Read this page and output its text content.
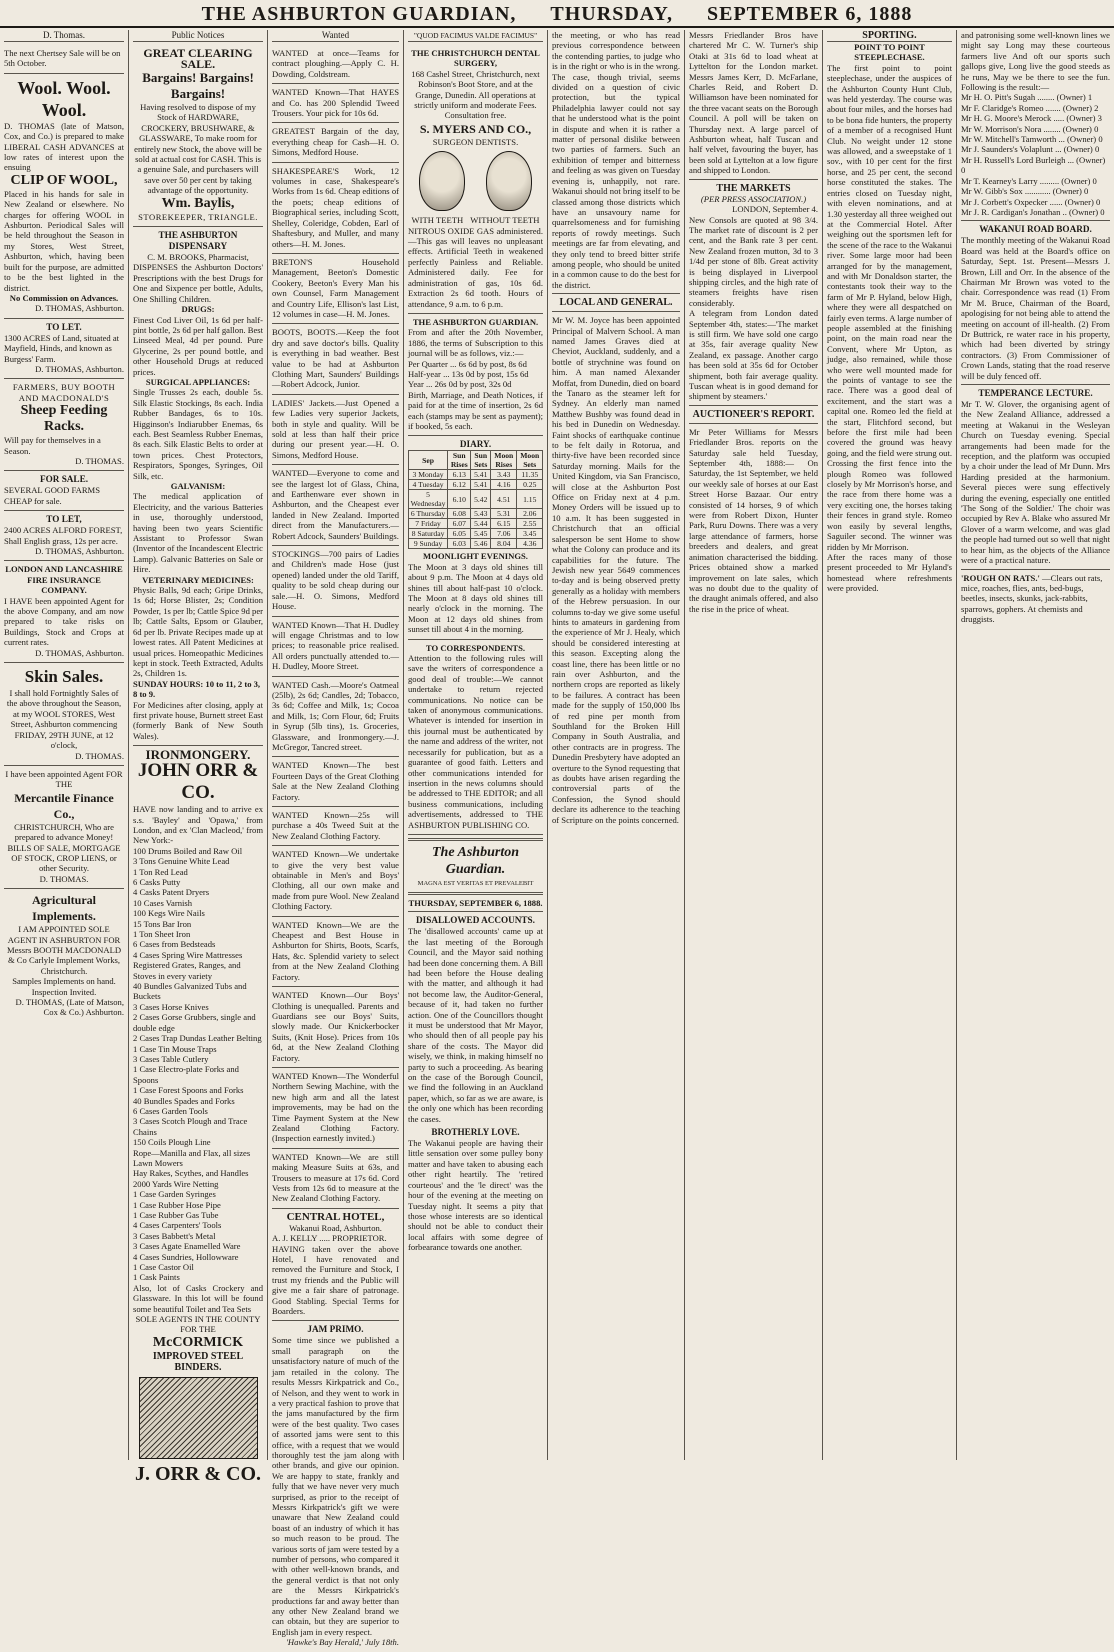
THE ASHBURTON GUARDIAN, THURSDAY, SEPTEMBER 6, 1888
D. Thomas.
The next Chertsey Sale will be on 5th October.
Wool. Wool. Wool.
D. THOMAS (late of Matson, Cox, and Co.) is prepared to make LIBERAL CASH ADVANCES at low rates of interest upon the ensuing
CLIP OF WOOL,
Placed in his hands for sale in New Zealand or elsewhere. No charges for offering WOOL in Ashburton. Periodical Sales will be held throughout the Season in my Stores, West Street, Ashburton, which, having been built for the purpose, are admitted to be the best lighted in the district.
No Commission on Advances.
D. THOMAS, Ashburton.
TO LET.
1300 ACRES of Land, situated at Mayfield, Hinds, and known as Burgess' Farm.
D. THOMAS, Ashburton.
FARMERS, BUY BOOTH AND MACDONALD'S
Sheep Feeding Racks.
Will pay for themselves in a Season.
D. THOMAS.
FOR SALE.
SEVERAL GOOD FARMS CHEAP for sale.
TO LET,
2400 ACRES ALFORD FOREST, Shall English grass, 12s per acre.
D. THOMAS, Ashburton.
LONDON AND LANCASHIRE FIRE INSURANCE COMPANY.
I HAVE been appointed Agent for the above Company, and am now prepared to take risks on Buildings, Stock and Crops at current rates.
D. THOMAS, Ashburton.
Skin Sales.
I shall hold Fortnightly Sales of the above throughout the Season, at my WOOL STORES, West Street, Ashburton commencing FRIDAY, 29TH JUNE, at 12 o'clock,
D. THOMAS.
I have been appointed Agent FOR THE
Mercantile Finance Co.,
CHRISTCHURCH, Who are prepared to advance Money! BILLS OF SALE, MORTGAGE OF STOCK, CROP LIENS, or other Security.
D. THOMAS.
Agricultural Implements.
I AM APPOINTED SOLE AGENT IN ASHBURTON FOR Messrs BOOTH MACDONALD & Co Carlyle Implement Works, Christchurch.
Samples Implements on hand. Inspection Invited.
D. THOMAS, (Late of Matson, Cox & Co.) Ashburton.
Public Notices
GREAT CLEARING SALE.
Bargains! Bargains! Bargains!
Having resolved to dispose of my Stock of HARDWARE, CROCKERY, BRUSHWARE, & GLASSWARE, To make room for entirely new Stock, the above will be sold at actual cost for CASH. This is a genuine Sale, and purchasers will save over 50 per cent by taking advantage of the opportunity.
Wm. Baylis,
STOREKEEPER, TRIANGLE.
THE ASHBURTON DISPENSARY
C. M. BROOKS, Pharmacist,
DISPENSES the Ashburton Doctors' Prescriptions with the best Drugs for One and Sixpence per bottle, Adults, One Shilling Children.
DRUGS:
Finest Cod Liver Oil, 1s 6d per half-pint bottle, 2s 6d per half gallon. Best Linseed Meal, 4d per pound. Pure Glycerine, 2s per pound bottle, and other Household Drugs at reduced prices.
SURGICAL APPLIANCES:
Single Trusses 2s each, double 5s. Silk Elastic Stockings, 8s each. India Rubber Bandages, 6s to 10s. Higginson's Indiarubber Enemas, 6s each. Best Seamless Rubber Enemas, 8s each. Silk Elastic Belts to order at town prices. Chest Protectors, Respirators, Sponges, Syringes, Oil Silk, etc.
GALVANISM:
The medical application of Electricity, and the various Batteries in use, thoroughly understood, having been two years Scientific Assistant to Professor Swan (Inventor of the Incandescent Electric Lamp). Galvanic Batteries on Sale or Hire.
VETERINARY MEDICINES:
Physic Balls, 9d each; Gripe Drinks, 1s 6d; Horse Blister, 2s; Condition Powder, 1s per lb; Cattle Spice 9d per lb; Cattle Salts, Epsom or Glauber, 6d per lb. Private Recipes made up at lowest rates. All Patent Medicines at usual prices. Homeopathic Medicines kept in stock. Teeth Extracted, Adults 2s, Children 1s.
SUNDAY HOURS: 10 to 11, 2 to 3, 8 to 9.
For Medicines after closing, apply at first private house, Burnett street East (formerly Bank of New South Wales).
IRONMONGERY.
JOHN ORR & CO.
HAVE now landing and to arrive ex s.s. 'Bayley' and 'Opawa,' from London, and ex 'Clan Macleod,' from New York:-
100 Drums Boiled and Raw Oil
3 Tons Genuine White Lead
1 Ton Red Lead
6 Casks Putty
4 Casks Patent Dryers
10 Cases Varnish
100 Kegs Wire Nails
15 Tons Bar Iron
1 Ton Sheet Iron
6 Cases from Bedsteads
4 Cases Spring Wire Mattresses
Registered Grates, Ranges, and Stoves in every variety
40 Bundles Galvanized Tubs and Buckets
3 Cases Horse Knives
2 Cases Gorse Grubbers, single and double edge
2 Cases Trap Dundas Leather Belting
1 Case Tin Mouse Traps
3 Cases Table Cutlery
1 Case Electro-plate Forks and Spoons
1 Case Forest Spoons and Forks
40 Bundles Spades and Forks
6 Cases Garden Tools
3 Cases Scotch Plough and Trace Chains
150 Coils Plough Line
Rope—Manilla and Flax, all sizes
Lawn Mowers
Hay Rakes, Scythes, and Handles
2000 Yards Wire Netting
1 Case Garden Syringes
1 Case Rubber Hose Pipe
1 Case Rubber Gas Tube
4 Cases Carpenters' Tools
3 Cases Babbett's Metal
3 Cases Agate Enamelled Ware
4 Cases Sundries, Hollowware
1 Case Castor Oil
1 Cask Paints
Also, lot of Casks Crockery and Glassware. In this lot will be found some beautiful Toilet and Tea Sets
SOLE AGENTS IN THE COUNTY FOR THE
McCORMICK
IMPROVED STEEL BINDERS.
J. ORR & CO.
Wanted
WANTED at once—Teams for contract ploughing.—Apply C. H. Dowding, Coldstream.
WANTED Known—That HAYES and Co. has 200 Splendid Tweed Trousers. Your pick for 10s 6d.
GREATEST Bargain of the day, everything cheap for Cash—H. O. Simons, Medford House.
SHAKESPEARE'S Work, 12 volumes in case, Shakespeare's Works from 1s 6d. Cheap editions of the poets; cheap editions of Biographical series, including Scott, Shelley, Coleridge, Cobden, Earl of Shaftesbury, and Muller, and many others—H. M. Jones.
BRETON'S Household Management, Beeton's Domestic Cookery, Beeton's Every Man his own Counsel, Farm Management and Country Life, Ellison's last List, 12 volumes in case—H. M. Jones.
BOOTS, BOOTS.—Keep the foot dry and save doctor's bills. Quality is everything in bad weather. Best value to be had at Ashburton Clothing Mart, Saunders' Buildings—Robert Adcock, Junior.
LADIES' Jackets.—Just Opened a few Ladies very superior Jackets, both in style and quality. Will be sold at less than half their price during our present year.—H. O. Simons, Medford House.
WANTED—Everyone to come and see the largest lot of Glass, China, and Earthenware ever shown in Ashburton, and the Cheapest ever landed in New Zealand. Imported direct from the Manufacturers.—Robert Adcock, Saunders' Buildings.
STOCKINGS—700 pairs of Ladies and Children's made Hose (just opened) landed under the old Tariff, quality to be sold cheap during our sale.—H. O. Simons, Medford House.
WANTED Known—That H. Dudley will engage Christmas and to low prices; to reasonable price realised. All orders punctually attended to.—H. Dudley, Moore Street.
WANTED Cash.—Moore's Oatmeal (25lb), 2s 6d; Candles, 2d; Tobacco, 3s 6d; Coffee and Milk, 1s; Cocoa and Milk, 1s; Corn Flour, 6d; Fruits in Syrup (5lb tins), 1s. Groceries, Glassware, and Ironmongery.—J. McGregor, Tancred street.
WANTED Known—The best Fourteen Days of the Great Clothing Sale at the New Zealand Clothing Factory.
WANTED Known—25s will purchase a 40s Tweed Suit at the New Zealand Clothing Factory.
WANTED Known—We undertake to give the very best value obtainable in Men's and Boys' Clothing, all our own make and made from pure Wool. New Zealand Clothing Factory.
WANTED Known—We are the Cheapest and Best House in Ashburton for Shirts, Boots, Scarfs, Hats, &c. Splendid variety to select from at the New Zealand Clothing Factory.
WANTED Known—Our Boys' Clothing is unequalled. Parents and Guardians see our Boys' Suits, slowly made. Our Knickerbocker Suits, (Knit Hose). Prices from 10s 6d, at the New Zealand Clothing Factory.
WANTED Known—The Wonderful Northern Sewing Machine, with the new high arm and all the latest improvements, may be had on the Time Payment System at the New Zealand Clothing Factory. (Inspection earnestly invited.)
WANTED Known—We are still making Measure Suits at 63s, and Trousers to measure at 17s 6d. Cord Vests from 12s 6d to measure at the New Zealand Clothing Factory.
CENTRAL HOTEL,
Wakanui Road, Ashburton.
A. J. KELLY ..... PROPRIETOR.
HAVING taken over the above Hotel, I have renovated and removed the Furniture and Stock, I trust my friends and the Public will give me a fair share of patronage. Good Stabling. Special Terms for Boarders.
JAM PRIMO.
Some time since we published a small paragraph on the unsatisfactory nature of much of the jam retailed in the colony. The results Messrs Kirkpatrick and Co., of Nelson, and they went to work in a very practical fashion to prove that the jams manufactured by the firm were of the best quality. Two cases of assorted jams were sent to this office, with a request that we would thoroughly test the jam along with other brands, and give our opinion. We are happy to state, frankly and fully that we have never very much surprised, as prior to the receipt of Messrs Kirkpatrick's gift we were unaware that New Zealand could boast of an industry of which it has so much reason to be proud. The various sorts of jam were tested by a number of persons, who compared it with other well-known brands, and the general verdict is that not only are the Messrs Kirkpatrick's productions far and away better than any other New Zealand brand we can obtain, but they are superior to English jam in every respect.
'Hawke's Bay Herald,' July 18th.
"QUOD FACIMUS VALDE FACIMUS"
THE CHRISTCHURCH DENTAL SURGERY,
168 Cashel Street, Christchurch, next Robinson's Boot Store, and at the Grange, Dunedin. All operations at strictly uniform and moderate Fees. Consultation free.
S. MYERS AND CO.,
SURGEON DENTISTS.
WITH TEETH WITHOUT TEETH
NITROUS OXIDE GAS administered.—This gas will leaves no unpleasant effects. Artificial Teeth in weakened perfectly Painless and Reliable. Administered daily. Fee for administration of gas, 10s 6d. Extraction 2s 6d tooth. Hours of attendance, 9 a.m. to 6 p.m.
THE ASHBURTON GUARDIAN.
From and after the 20th November, 1886, the terms of Subscription to this journal will be as follows, viz.:—
Per Quarter ... 6s 6d by post, 8s 6d
Half-year ... 13s 0d by post, 15s 6d
Year ... 26s 0d by post, 32s 0d
Birth, Marriage, and Death Notices, if paid for at the time of insertion, 2s 6d each (stamps may be sent as payment); if booked, 5s each.
DIARY.
Sep	Sun Rises	Sun Sets	Moon Rises	Moon Sets
3 Monday	6.13	5.41	3.43	11.35
4 Tuesday	6.12	5.41	4.16	0.25
5 Wednesday	6.10	5.42	4.51	1.15
6 Thursday	6.08	5.43	5.31	2.06
7 Friday	6.07	5.44	6.15	2.55
8 Saturday	6.05	5.45	7.06	3.45
9 Sunday	6.03	5.46	8.04	4.36
MOONLIGHT EVENINGS.
The Moon at 3 days old shines till about 9 p.m. The Moon at 4 days old shines till about half-past 10 o'clock. The Moon at 8 days old shines till nearly o'clock in the morning. The Moon at 12 days old shines from sunset till about 4 in the morning.
TO CORRESPONDENTS.
Attention to the following rules will save the writers of correspondence a good deal of trouble:—We cannot undertake to return rejected communications. No notice can be taken of anonymous communications. Whatever is intended for insertion in this journal must be authenticated by the name and address of the writer, not necessarily for publication, but as a guarantee of good faith. Letters and other communications intended for insertion in the news columns should be addressed to THE EDITOR; and all business communications, including advertisements, addressed to THE ASHBURTON PUBLISHING CO.
The Ashburton Guardian.
MAGNA EST VERITAS ET PREVALEBIT
THURSDAY, SEPTEMBER 6, 1888.
DISALLOWED ACCOUNTS.
The 'disallowed accounts' came up at the last meeting of the Borough Council, and the Mayor said nothing had been done concerning them. A Bill had been before the House dealing with the matter, and although it had not become law, the Auditor-General, because of it, had taken no further action. One of the Councillors thought it must be understood that Mr Mayor, who should then of all people pay his share of the costs. The Mayor did wisely, we think, in making himself no party to such a proceeding. As bearing on the case of the Borough Council, we find the following in an Auckland paper, which, so far as we are aware, is the only one which has been recording the cases.
BROTHERLY LOVE.
The Wakanui people are having their little sensation over some pulley bony matter and have taken to abusing each other right heartily. The 'retired courteous' and the 'le direct' was the hour of the evening at the meeting on Tuesday night. It seems a pity that those whose interests are so identical should not be able to conduct their local affairs with some degree of forbearance towards one another.
the meeting, or who has read previous correspondence between the contending parties, to judge who is in the right or who is in the wrong. The case, though trivial, seems divided on a question of civic protection, but the typical Philadelphia lawyer could not say that he understood what is the point in dispute and when it is rather a matter of personal dislike between two parties of farmers. Such an exhibition of temper and bitterness and feeling as was given on Tuesday evening is, unhappily, not rare. Wakanui should not bring itself to be classed among those districts which have an unsavoury name for quarrelsomeness and for furnishing reports of rowdy meetings. Such meetings are far from elevating, and they only tend to breed bitter strife among people, who should be united in a common cause to do the best for the district.
LOCAL AND GENERAL.
Mr W. M. Joyce has been appointed Principal of Malvern School. A man named James Graves died at Cheviot, Auckland, suddenly, and a bottle of strychnine was found on him. A man named Alexander Moffat, from Dunedin, died on board the Tanaro as the steamer left for Sydney. An elderly man named Matthew Bushby was found dead in his bed in Dunedin on Wednesday. Faint shocks of earthquake continue to be felt daily in Rotorua, and thirty-five have been recorded since Saturday morning. Mails for the United Kingdom, via San Francisco, will close at the Ashburton Post Office on Friday next at 4 p.m. Money Orders will be issued up to 10 a.m. It has been suggested in Christchurch that an official salesperson be sent Home to show what the Colony can produce and its capabilities for the future. The Jewish new year 5649 commences to-day and is being observed pretty generally as a holiday with members of the Hebrew persuasion. In our columns to-day we give some useful hints to amateurs in gardening from the experience of Mr J. Healy, which should be considered interesting at this season. Excepting along the coast line, there has been little or no rain over Ashburton, and the northern crops are reported as likely to be failures. A contract has been made for the supply of 150,000 lbs of red pine per month from Southland for the Broken Hill Company in South Australia, and other contracts are in progress. The Dunedin Presbytery have adopted an overture to the Synod requesting that as doubts have arisen regarding the controversial parts of the Confession, the Synod should declare its adherence to the teaching of Scripture on the points concerned.
Messrs Friedlander Bros have chartered Mr C. W. Turner's ship Otaki at 31s 6d to load wheat at Lyttelton for the London market. Messrs James Kerr, D. McFarlane, Charles Reid, and Robert D. Williamson have been nominated for the three vacant seats on the Borough Council. A poll will be taken on Thursday next. A large parcel of Ashburton wheat, half Tuscan and half velvet, favouring the buyer, has been sold at Lyttelton at a low figure and shipped to London.
THE MARKETS
(PER PRESS ASSOCIATION.)
LONDON, September 4.
New Consols are quoted at 98 3/4. The market rate of discount is 2 per cent, and the Bank rate 3 per cent. New Zealand frozen mutton, 3d to 3 1/4d per stone of 8lb. Great activity is being displayed in Liverpool shipping circles, and the high rate of steamers freights have risen considerably.
A telegram from London dated September 4th, states:—'The market is still firm. We have sold one cargo at 35s, fair average quality New Zealand, ex passage. Another cargo has been sold at 35s 6d for October shipment, both fair average quality. Tuscan wheat is in good demand for shipment by steamers.'
AUCTIONEER'S REPORT.
Mr Peter Williams for Messrs Friedlander Bros. reports on the Saturday sale held Tuesday, September 4th, 1888:— On Saturday, the 1st September, we held our weekly sale of horses at our East Street Horse Bazaar. Our entry consisted of 14 horses, 9 of which were from Robert Dixon, Hunter Park, Ruru Downs. There was a very large attendance of farmers, horse breeders and dealers, and great animation characterised the bidding. Prices obtained show a marked improvement on late sales, which was no doubt due to the quality of the draught animals offered, and also the rise in the price of wheat.
SPORTING.
POINT TO POINT STEEPLECHASE.
The first point to point steeplechase, under the auspices of the Ashburton County Hunt Club, was held yesterday. The course was about four miles, and the horses had to be bona fide hunters, the property of a member of a recognised Hunt Club. No weight under 12 stone was allowed, and a sweepstake of 1 sov., with 10 per cent for the first horse, and 25 per cent, the second horse constituted the stakes. The entries closed on Tuesday night, with eleven nominations, and at 1.30 yesterday all three weighed out at the Commercial Hotel. After weighing out the sportsmen left for the scene of the race to the Wakanui river. Some large moor had been arranged for by the management, and with Mr Donaldson starter, the contestants took their way to the farm of Mr P. Hyland, below High, where they were all despatched on fairly even terms. A large number of people assembled at the finishing point, on the main road near the Convent, where Mr Upton, as judge, also remained, while those who were well mounted made for the points of vantage to see the race. There was a good deal of excitement, and the start was a capital one. Romeo led the field at the start, Flitchford second, but before the first mile had been covered the ground was heavy going, and the field were strung out. Crossing the first fence into the plough Romeo was followed closely by Mr Morrison's horse, and the race from there home was a very exciting one, the horses taking their fences in grand style. Romeo won easily by several lengths, Saguiler second. The winner was ridden by Mr Morrison.
After the races many of those present proceeded to Mr Hyland's homestead where refreshments were provided.
and patronising some well-known lines we might say Long may these courteous farmers live And oft our sports such gallops give, Long live the good steeds as he runs, May we be there to see the fun. Following is the result:—
Mr H. O. Pitt's Sugah ........ (Owner) 1
Mr F. Claridge's Romeo ....... (Owner) 2
Mr H. G. Moore's Merock ..... (Owner) 3
Mr W. Morrison's Nora ........ (Owner) 0
Mr W. Mitchell's Tamworth ... (Owner) 0
Mr J. Saunders's Volaplunt ... (Owner) 0
Mr H. Russell's Lord Burleigh ... (Owner) 0
Mr T. Kearney's Larry ......... (Owner) 0
Mr W. Gibb's Sox ............ (Owner) 0
Mr J. Corbett's Oxpecker ...... (Owner) 0
Mr J. R. Cardigan's Jonathan .. (Owner) 0
WAKANUI ROAD BOARD.
The monthly meeting of the Wakanui Road Board was held at the Board's office on Saturday, Sept. 1st. Present—Messrs J. Brown, Lill and Orr. In the absence of the Chairman Mr Brown was voted to the chair. Correspondence was read (1) From Mr M. Bruce, Chairman of the Board, apologising for not being able to attend the meeting on account of ill-health. (2) From Dr Buttrick, re water race in his property, which had been diverted by stringy contractors. (3) From Commissioner of Crown Lands, stating that the road reserve will be duly fenced off.
TEMPERANCE LECTURE.
Mr T. W. Glover, the organising agent of the New Zealand Alliance, addressed a meeting at Wakanui in the Wesleyan Church on Tuesday evening. Special arrangements had been made for the reception, and the platform was occupied by a choir under the lead of Mr Dunn. Mrs Harding presided at the harmonium. Several pieces were sung effectively during the evening, especially one entitled 'The Song of the Soldier.' The choir was occupied by Rev A. Blake who assured Mr Glover of a warm welcome, and was glad the people had turned out so well that night to hear him, as the objects of the Alliance were of a practical nature.
'ROUGH ON RATS.' —Clears out rats, mice, roaches, flies, ants, bed-bugs, beetles, insects, skunks, jack-rabbits, sparrows, gophers. At chemists and druggists.
